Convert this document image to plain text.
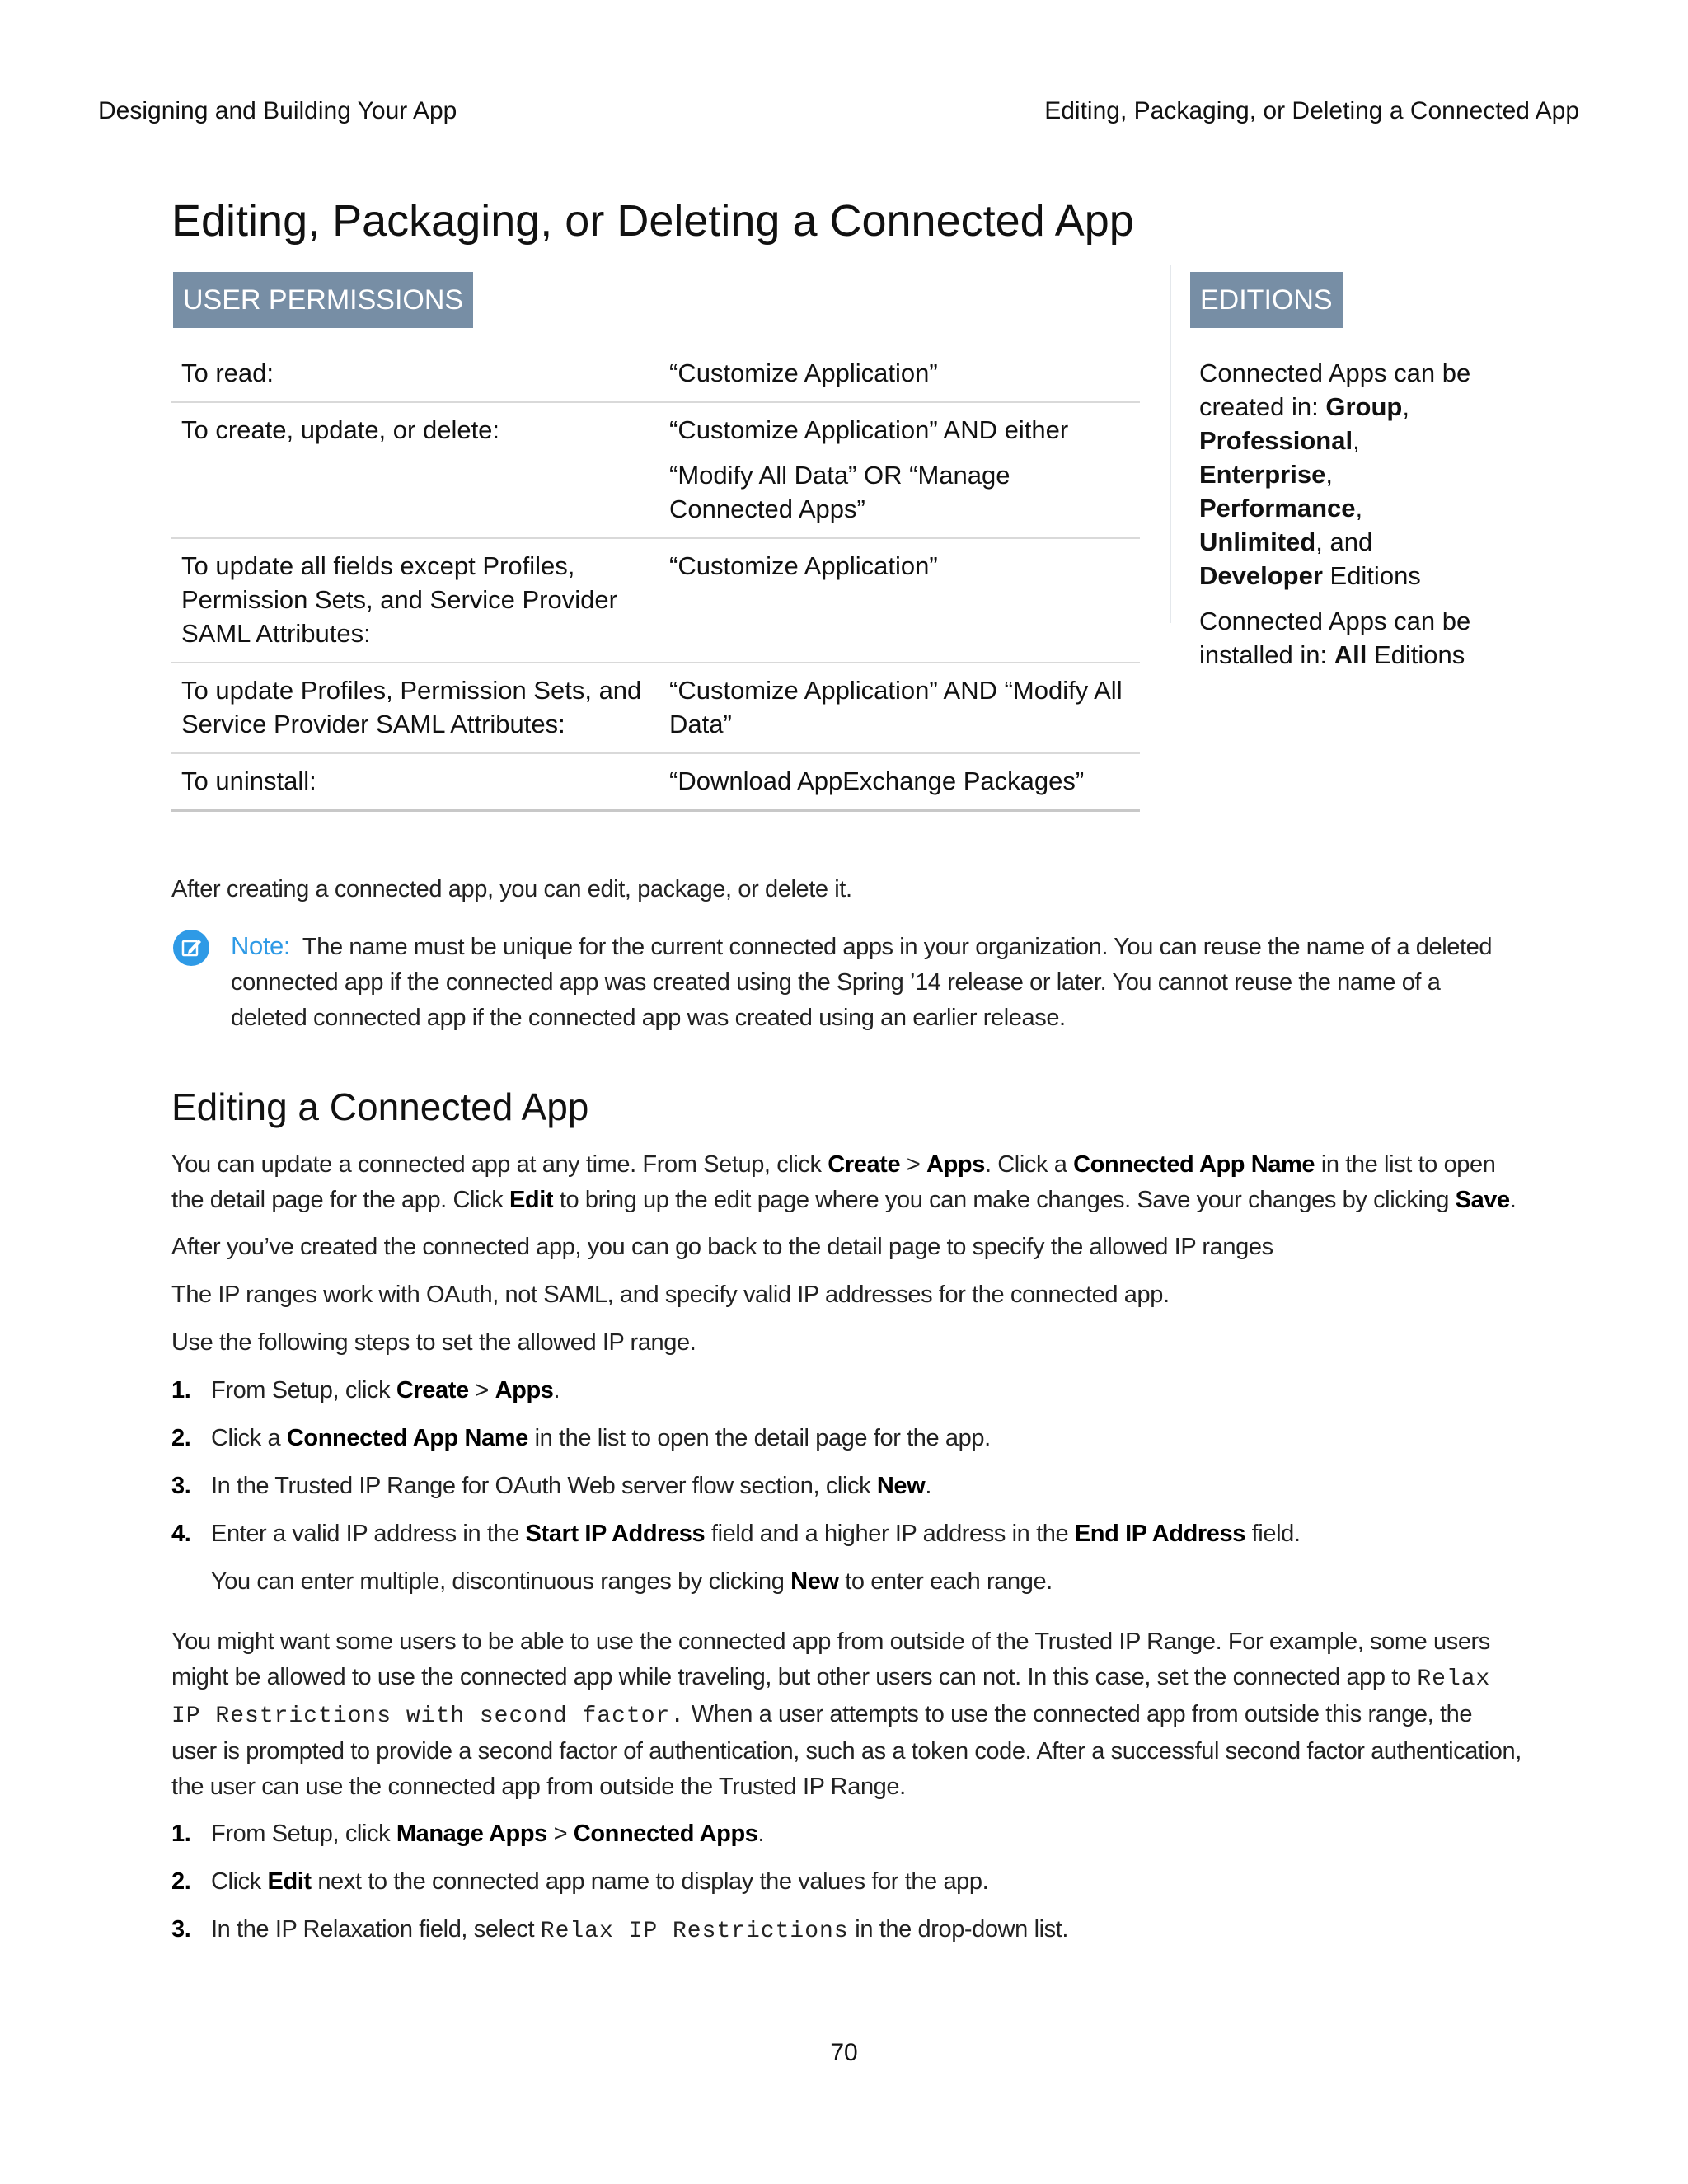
Designing and Building Your App	Editing, Packaging, or Deleting a Connected App
Editing, Packaging, or Deleting a Connected App
USER PERMISSIONS
To read:	“Customize Application”

To create, update, or delete:	“Customize Application” AND either

“Modify All Data” OR “Manage Connected Apps”

To update all fields except Profiles, Permission Sets, and Service Provider SAML Attributes:	“Customize Application”

To update Profiles, Permission Sets, and Service Provider SAML Attributes:	“Customize Application” AND “Modify All Data”

To uninstall:	“Download AppExchange Packages”

EDITIONS

Connected Apps can be created in: Group, Professional, Enterprise, Performance, Unlimited, and Developer Editions

Connected Apps can be installed in: All Editions

After creating a connected app, you can edit, package, or delete it.

Note: The name must be unique for the current connected apps in your organization. You can reuse the name of a deleted connected app if the connected app was created using the Spring ’14 release or later. You cannot reuse the name of a deleted connected app if the connected app was created using an earlier release.

Editing a Connected App

You can update a connected app at any time. From Setup, click Create > Apps. Click a Connected App Name in the list to open the detail page for the app. Click Edit to bring up the edit page where you can make changes. Save your changes by clicking Save.

After you’ve created the connected app, you can go back to the detail page to specify the allowed IP ranges

The IP ranges work with OAuth, not SAML, and specify valid IP addresses for the connected app.

Use the following steps to set the allowed IP range.

1. From Setup, click Create > Apps.
2. Click a Connected App Name in the list to open the detail page for the app.
3. In the Trusted IP Range for OAuth Web server flow section, click New.
4. Enter a valid IP address in the Start IP Address field and a higher IP address in the End IP Address field.
You can enter multiple, discontinuous ranges by clicking New to enter each range.

You might want some users to be able to use the connected app from outside of the Trusted IP Range. For example, some users might be allowed to use the connected app while traveling, but other users can not. In this case, set the connected app to Relax IP Restrictions with second factor. When a user attempts to use the connected app from outside this range, the user is prompted to provide a second factor of authentication, such as a token code. After a successful second factor authentication, the user can use the connected app from outside the Trusted IP Range.

1. From Setup, click Manage Apps > Connected Apps.
2. Click Edit next to the connected app name to display the values for the app.
3. In the IP Relaxation field, select Relax IP Restrictions in the drop-down list.
70
